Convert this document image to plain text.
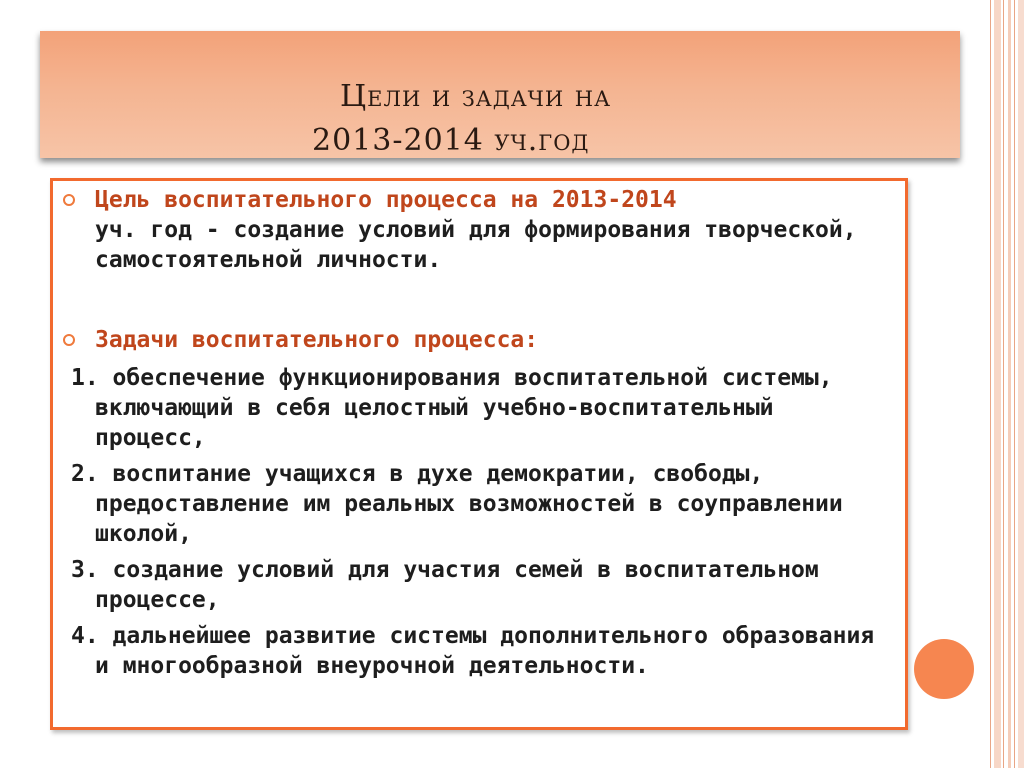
Цели и задачи на
2013-2014 уч.год
Цель воспитательного процесса на 2013-2014
уч. год - создание условий для формирования творческой, самостоятельной личности.
Задачи воспитательного процесса:
1. обеспечение функционирования воспитательной системы, включающий в себя целостный учебно-воспитательный процесс,
2. воспитание учащихся в духе демократии, свободы, предоставление им реальных возможностей в соуправлении школой,
3. создание условий для участия семей в воспитательном процессе,
4. дальнейшее развитие системы дополнительного образования и многообразной внеурочной деятельности.
